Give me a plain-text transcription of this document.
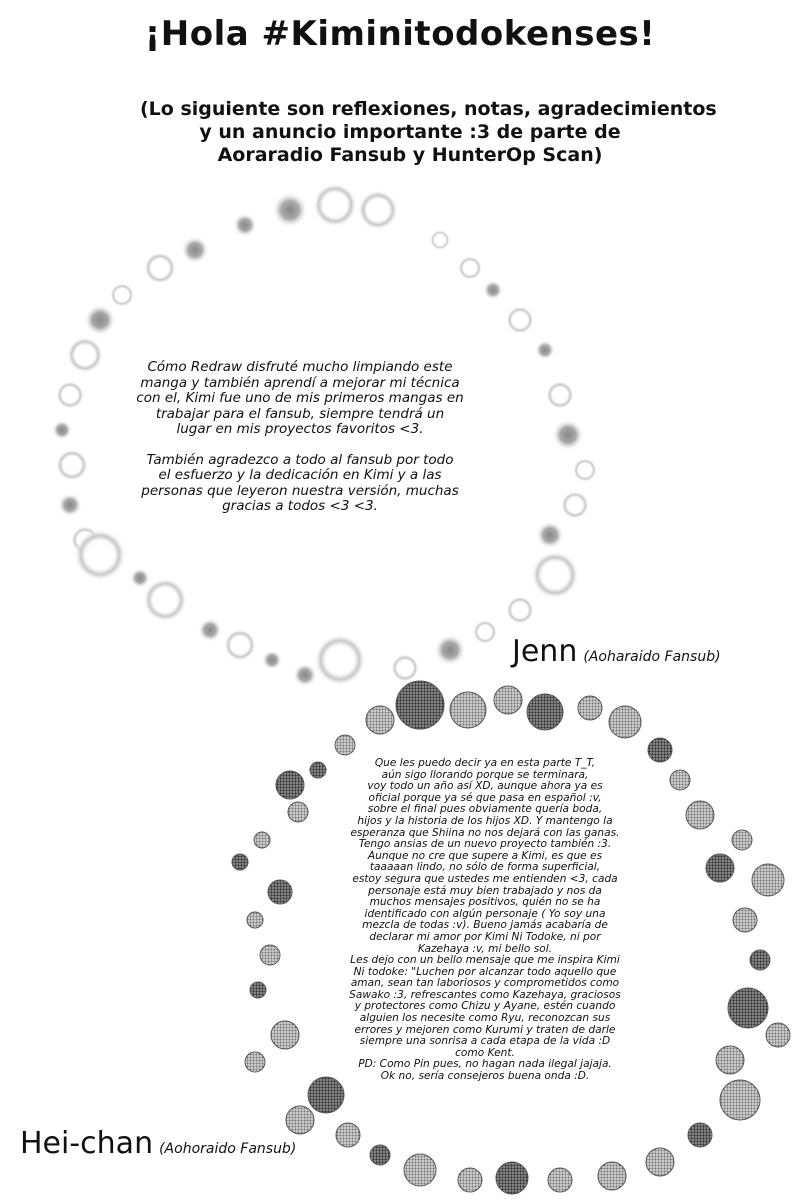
¡Hola #Kiminitodokenses!
(Lo siguiente son reflexiones, notas, agradecimientos
y un anuncio importante :3 de parte de
Aoraradio Fansub y HunterOp Scan)
Cómo Redraw disfruté mucho limpiando este
manga y también aprendí a mejorar mi técnica
con el, Kimi fue uno de mis primeros mangas en
trabajar para el fansub, siempre tendrá un
lugar en mis proyectos favoritos <3.
También agradezco a todo al fansub por todo
el esfuerzo y la dedicación en Kimi y a las
personas que leyeron nuestra versión, muchas
gracias a todos <3 <3.
Jenn (Aoharaido Fansub)
Que les puedo decir ya en esta parte T_T,
aún sigo llorando porque se terminara,
voy todo un año así XD, aunque ahora ya es
oficial porque ya sé que pasa en español :v,
sobre el final pues obviamente quería boda,
hijos y la historia de los hijos XD. Y mantengo la
esperanza que Shiina no nos dejará con las ganas.
Tengo ansias de un nuevo proyecto también :3.
Aunque no cre que supere a Kimi, es que es
taaaaan lindo, no sólo de forma superficial,
estoy segura que ustedes me entienden <3, cada
personaje está muy bien trabajado y nos da
muchos mensajes positivos, quién no se ha
identificado con algún personaje ( Yo soy una
mezcla de todas :v). Bueno jamás acabaría de
declarar mi amor por Kimi Ni Todoke, ni por
Kazehaya :v, mi bello sol.
Les dejo con un bello mensaje que me inspira Kimi
Ni todoke: "Luchen por alcanzar todo aquello que
aman, sean tan laboriosos y comprometidos como
Sawako :3, refrescantes como Kazehaya, graciosos
y protectores como Chizu y Ayane, estén cuando
alguien los necesite como Ryu, reconozcan sus
errores y mejoren como Kurumi y traten de darle
siempre una sonrisa a cada etapa de la vida :D
como Kent.
PD: Como Pin pues, no hagan nada ilegal jajaja.
Ok no, sería consejeros buena onda :D.
Hei-chan (Aohoraido Fansub)
